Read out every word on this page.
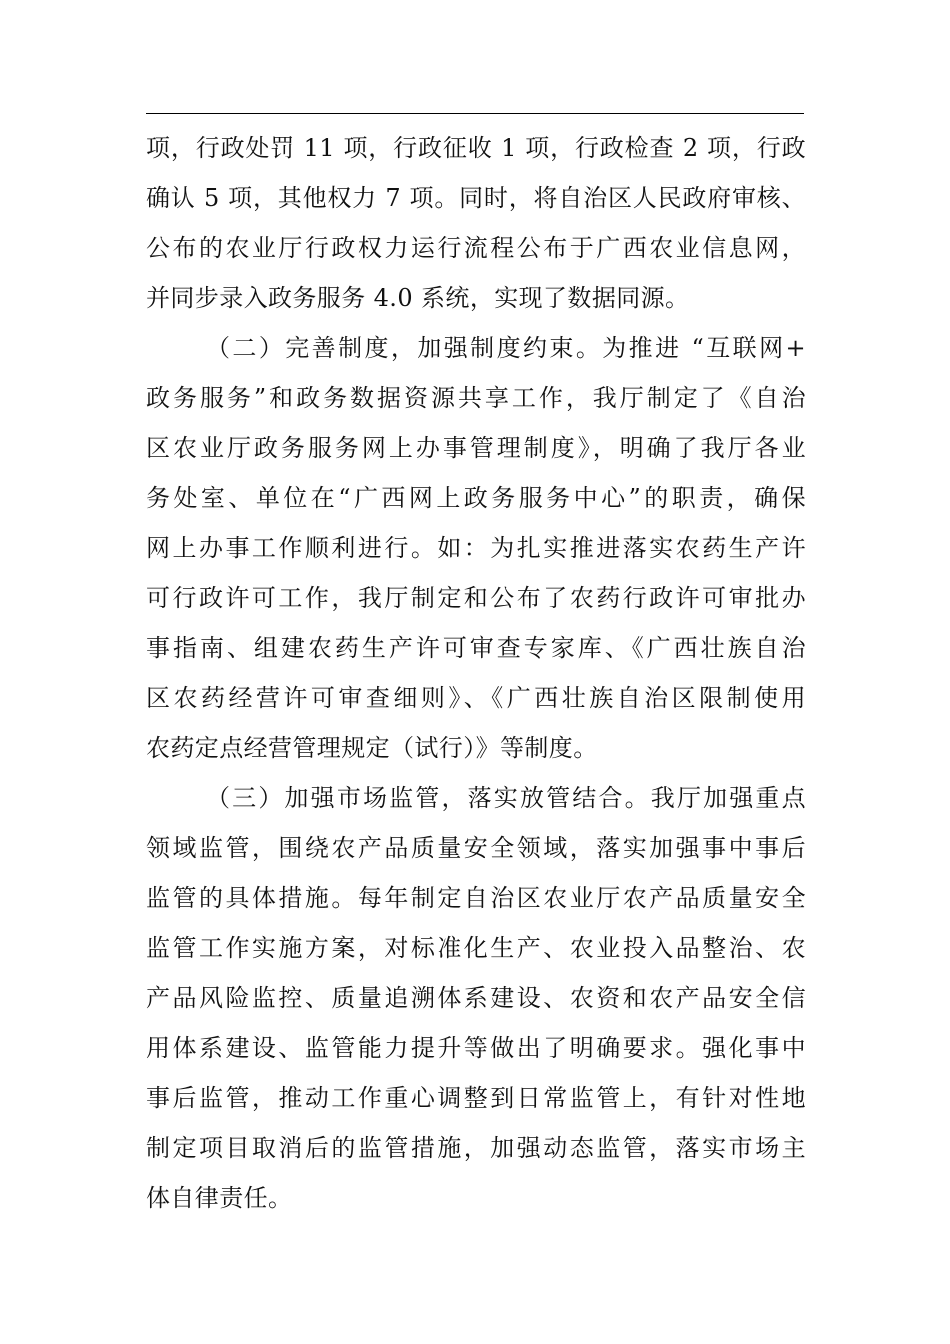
项，行政处罚 11 项，行政征收 1 项，行政检查 2 项，行政
确认 5 项，其他权力 7 项。同时，将自治区人民政府审核、
公布的农业厅行政权力运行流程公布于广西农业信息网，
并同步录入政务服务 4.0 系统，实现了数据同源。
（二）完善制度，加强制度约束。为推进 “互联网+
政务服务”和政务数据资源共享工作，我厅制定了《自治
区农业厅政务服务网上办事管理制度》，明确了我厅各业
务处室、单位在“广西网上政务服务中心”的职责，确保
网上办事工作顺利进行。如：为扎实推进落实农药生产许
可行政许可工作，我厅制定和公布了农药行政许可审批办
事指南、组建农药生产许可审查专家库、《广西壮族自治
区农药经营许可审查细则》、《广西壮族自治区限制使用
农药定点经营管理规定（试行）》等制度。
（三）加强市场监管，落实放管结合。我厅加强重点
领域监管，围绕农产品质量安全领域，落实加强事中事后
监管的具体措施。每年制定自治区农业厅农产品质量安全
监管工作实施方案，对标准化生产、农业投入品整治、农
产品风险监控、质量追溯体系建设、农资和农产品安全信
用体系建设、监管能力提升等做出了明确要求。强化事中
事后监管，推动工作重心调整到日常监管上，有针对性地
制定项目取消后的监管措施，加强动态监管，落实市场主
体自律责任。
